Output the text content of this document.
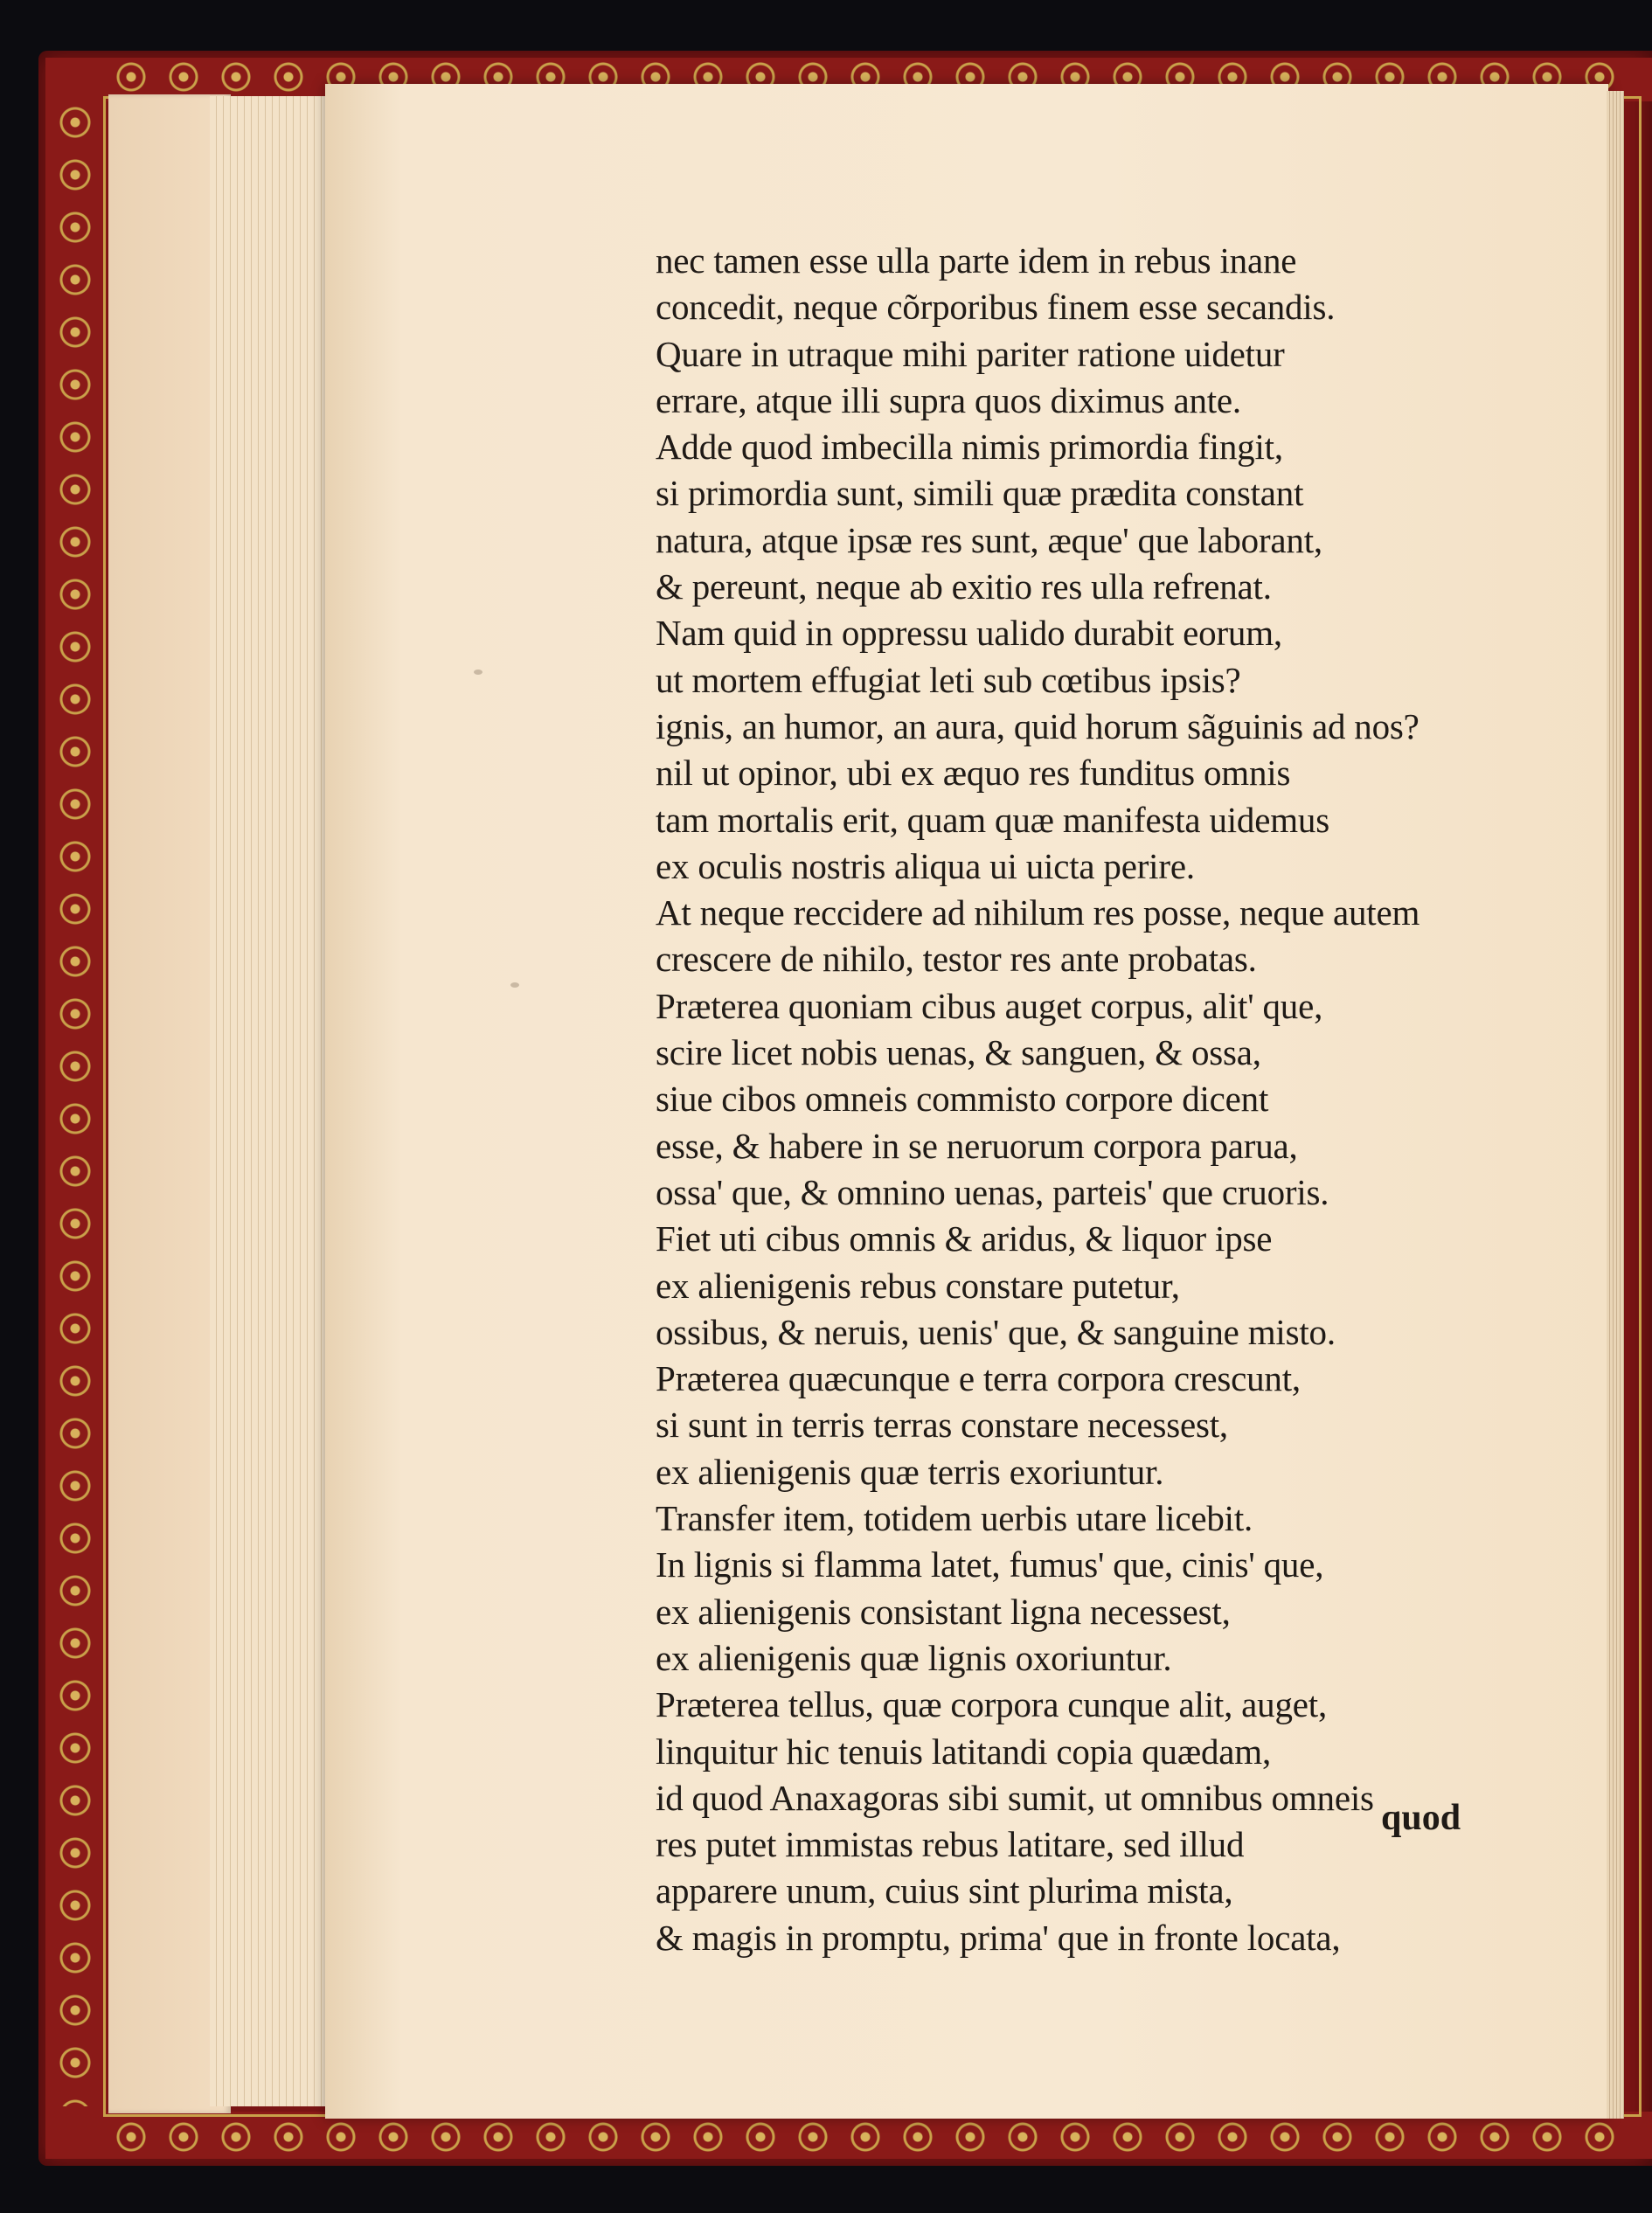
nec tamen esse ulla parte idem in rebus inane
concedit, neque cõrporibus finem esse secandis.
Quare in utraque mihi pariter ratione uidetur
errare, atque illi supra quos diximus ante.
Adde quod imbecilla nimis primordia fingit,
si primordia sunt, simili quæ prædita constant
natura, atque ipsæ res sunt, æque' que laborant,
& pereunt, neque ab exitio res ulla refrenat.
Nam quid in oppressu ualido durabit eorum,
ut mortem effugiat leti sub cœtibus ipsis?
ignis, an humor, an aura, quid horum sãguinis ad nos?
nil ut opinor, ubi ex æquo res funditus omnis
tam mortalis erit, quam quæ manifesta uidemus
ex oculis nostris aliqua ui uicta perire.
At neque reccidere ad nihilum res posse, neque autem
crescere de nihilo, testor res ante probatas.
Præterea quoniam cibus auget corpus, alit' que,
scire licet nobis uenas, & sanguen, & ossa,
siue cibos omneis commisto corpore dicent
esse, & habere in se neruorum corpora parua,
ossa' que, & omnino uenas, parteis' que cruoris.
Fiet uti cibus omnis & aridus, & liquor ipse
ex alienigenis rebus constare putetur,
ossibus, & neruis, uenis' que, & sanguine misto.
Præterea quæcunque e terra corpora crescunt,
si sunt in terris terras constare necessest,
ex alienigenis quæ terris exoriuntur.
Transfer item, totidem uerbis utare licebit.
In lignis si flamma latet, fumus' que, cinis' que,
ex alienigenis consistant ligna necessest,
ex alienigenis quæ lignis oxoriuntur.
Præterea tellus, quæ corpora cunque alit, auget,
linquitur hic tenuis latitandi copia quædam,
id quod Anaxagoras sibi sumit, ut omnibus omneis
res putet immistas rebus latitare, sed illud
apparere unum, cuius sint plurima mista,
& magis in promptu, prima' que in fronte locata,
quod
